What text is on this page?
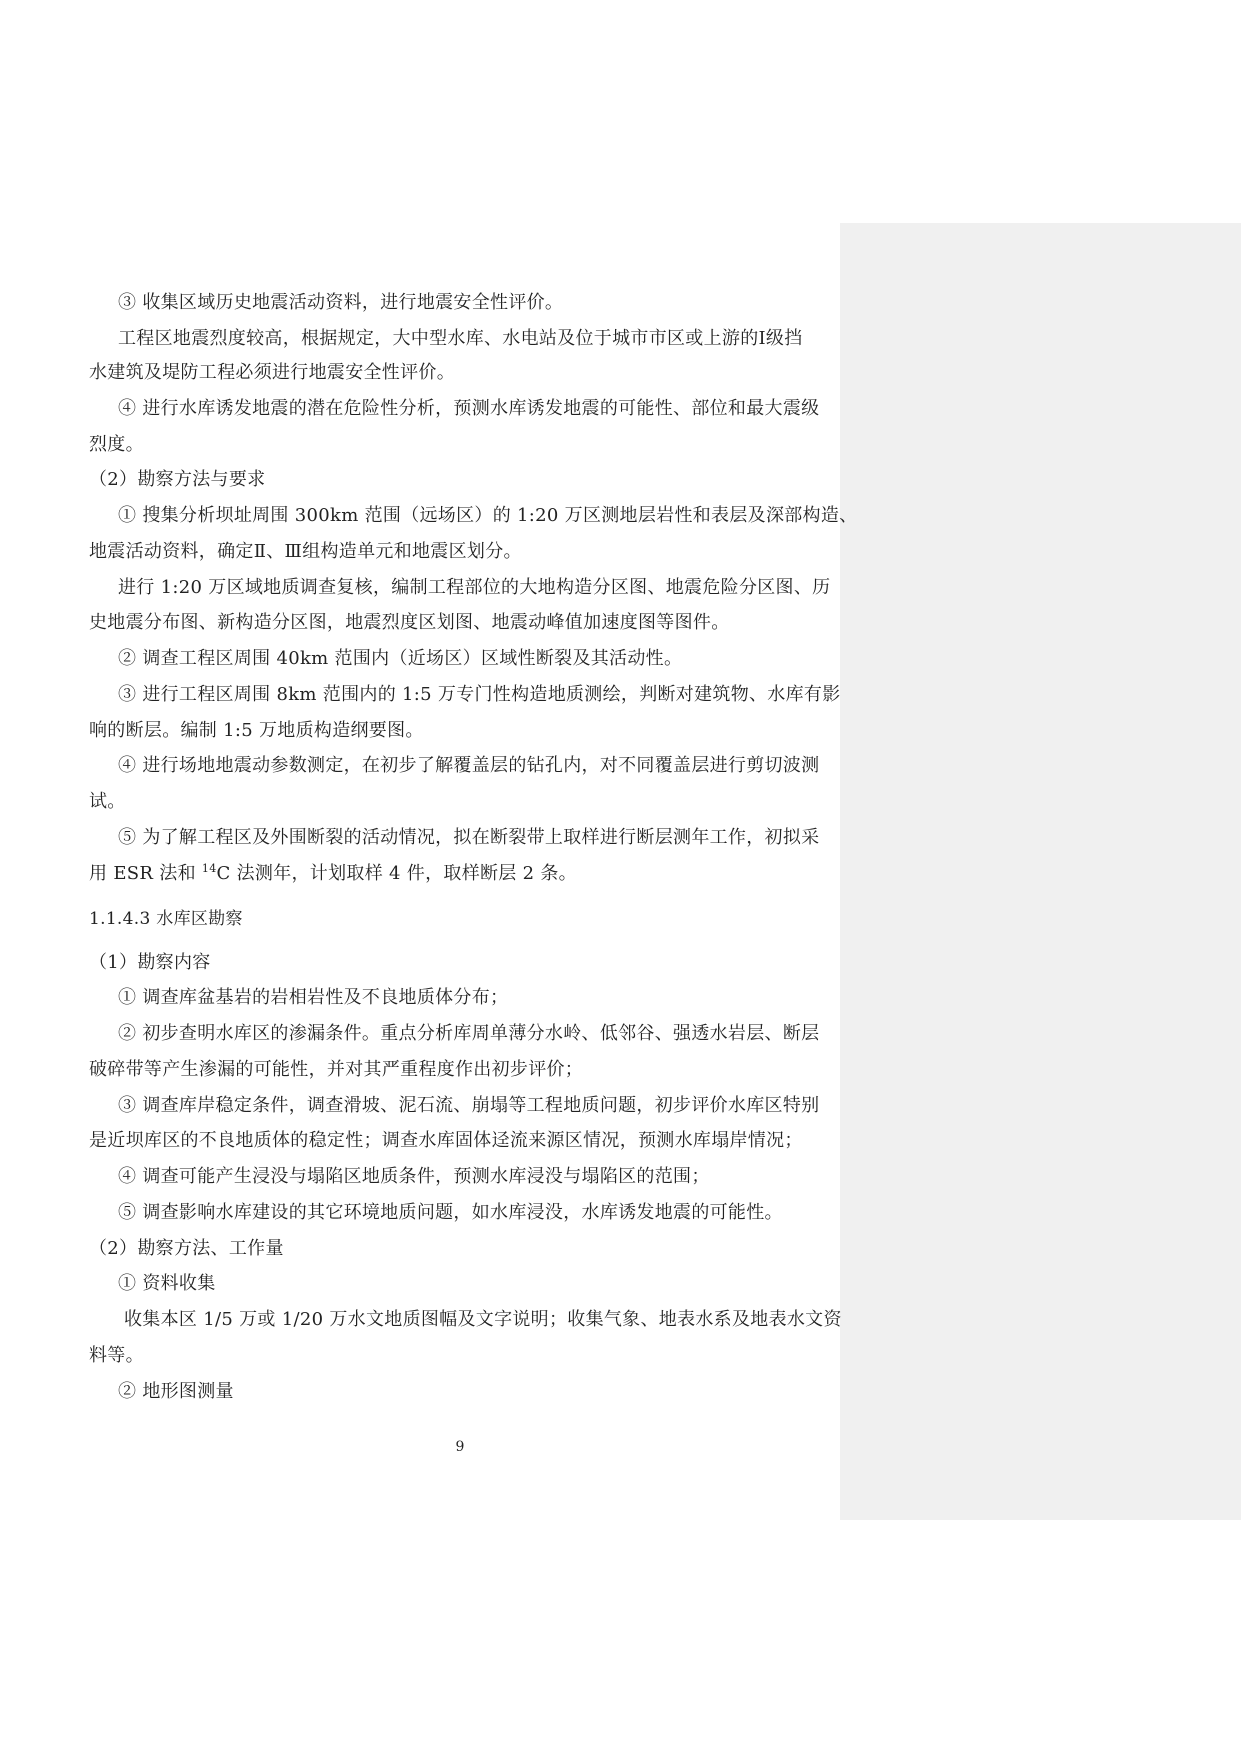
③ 收集区域历史地震活动资料，进行地震安全性评价。
工程区地震烈度较高，根据规定，大中型水库、水电站及位于城市市区或上游的Ⅰ级挡
水建筑及堤防工程必须进行地震安全性评价。
④ 进行水库诱发地震的潜在危险性分析，预测水库诱发地震的可能性、部位和最大震级
烈度。
（2）勘察方法与要求
① 搜集分析坝址周围 300km 范围（远场区）的 1:20 万区测地层岩性和表层及深部构造、
地震活动资料，确定Ⅱ、Ⅲ组构造单元和地震区划分。
进行 1:20 万区域地质调查复核，编制工程部位的大地构造分区图、地震危险分区图、历
史地震分布图、新构造分区图，地震烈度区划图、地震动峰值加速度图等图件。
② 调查工程区周围 40km 范围内（近场区）区域性断裂及其活动性。
③ 进行工程区周围 8km 范围内的 1:5 万专门性构造地质测绘，判断对建筑物、水库有影
响的断层。编制 1:5 万地质构造纲要图。
④ 进行场地地震动参数测定，在初步了解覆盖层的钻孔内，对不同覆盖层进行剪切波测
试。
⑤ 为了解工程区及外围断裂的活动情况，拟在断裂带上取样进行断层测年工作，初拟采
用 ESR 法和 $^{14}$C 法测年，计划取样 4 件，取样断层 2 条。
1.1.4.3 水库区勘察
（1）勘察内容
① 调查库盆基岩的岩相岩性及不良地质体分布；
② 初步查明水库区的渗漏条件。重点分析库周单薄分水岭、低邻谷、强透水岩层、断层
破碎带等产生渗漏的可能性，并对其严重程度作出初步评价；
③ 调查库岸稳定条件，调查滑坡、泥石流、崩塌等工程地质问题，初步评价水库区特别
是近坝库区的不良地质体的稳定性；调查水库固体迳流来源区情况，预测水库塌岸情况；
④ 调查可能产生浸没与塌陷区地质条件，预测水库浸没与塌陷区的范围；
⑤ 调查影响水库建设的其它环境地质问题，如水库浸没，水库诱发地震的可能性。
（2）勘察方法、工作量
① 资料收集
收集本区 1/5 万或 1/20 万水文地质图幅及文字说明；收集气象、地表水系及地表水文资
料等。
② 地形图测量
9
